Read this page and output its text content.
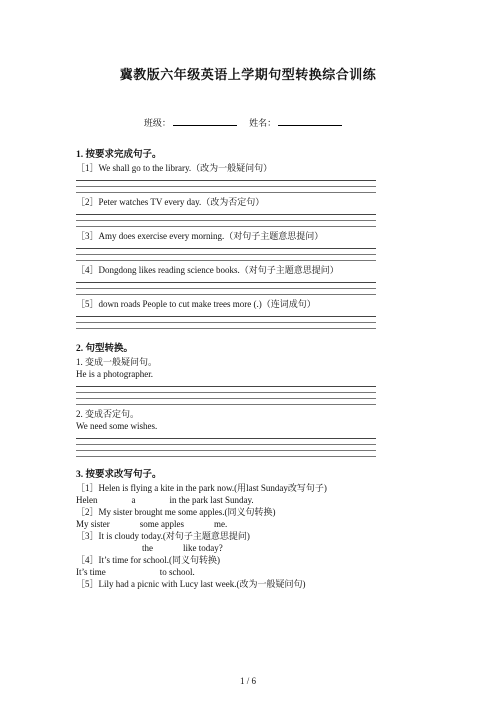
冀教版六年级英语上学期句型转换综合训练
班级：	姓名：
1. 按要求完成句子。
［1］We shall go to the library.（改为一般疑问句）
［2］Peter watches TV every day.（改为否定句）
［3］Amy does exercise every morning.（对句子主题意思提问）
［4］Dongdong likes reading science books.（对句子主题意思提问）
［5］down roads People to cut make trees more (.)（连词成句）
2. 句型转换。
1. 变成一般疑问句。
He is a photographer.
2. 变成否定句。
We need some wishes.
3. 按要求改写句子。
［1］Helen is flying a kite in the park now.(用last Sunday改写句子)
Helen	a	in the park last Sunday.
［2］My sister brought me some apples.(同义句转换)
My sister	some apples	me.
［3］It is cloudy today.(对句子主题意思提问)
the	like today?
［4］It’s time for school.(同义句转换)
It’s time	to school.
［5］Lily had a picnic with Lucy last week.(改为一般疑问句)
1 / 6
